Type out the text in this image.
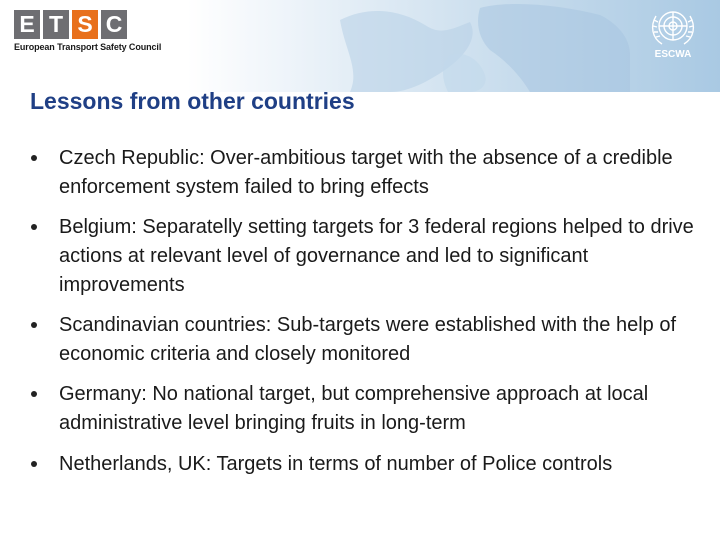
E T S C
European Transport Safety Council
ESCWA
Lessons from other countries
Czech Republic: Over-ambitious target with the absence of a credible enforcement system failed to bring effects
Belgium: Separatelly setting targets for 3 federal regions helped to drive actions at relevant level of governance and led to significant improvements
Scandinavian countries: Sub-targets were established with the help of economic criteria and closely monitored
Germany: No national target, but comprehensive approach at local administrative level bringing fruits in long-term
Netherlands, UK: Targets in terms of number of Police controls
